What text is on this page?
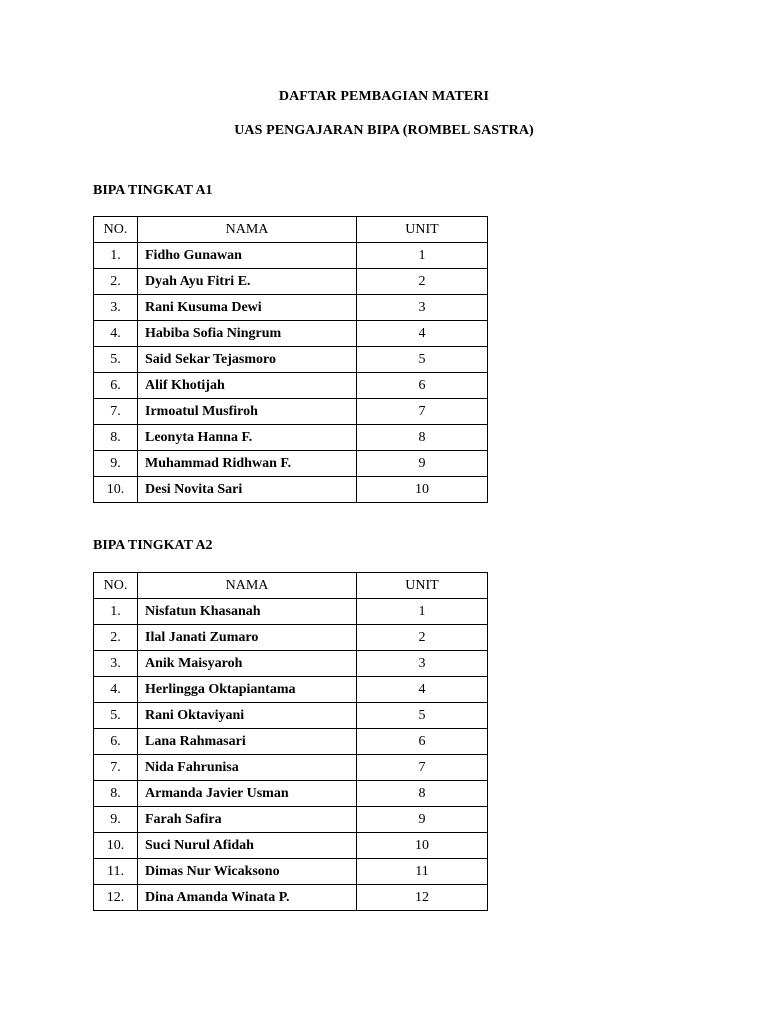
DAFTAR PEMBAGIAN MATERI
UAS PENGAJARAN BIPA (ROMBEL SASTRA)
BIPA TINGKAT A1
NO.	NAMA	UNIT
1.	Fidho Gunawan	1
2.	Dyah Ayu Fitri E.	2
3.	Rani Kusuma Dewi	3
4.	Habiba Sofia Ningrum	4
5.	Said Sekar Tejasmoro	5
6.	Alif Khotijah	6
7.	Irmoatul Musfiroh	7
8.	Leonyta Hanna F.	8
9.	Muhammad Ridhwan F.	9
10.	Desi Novita Sari	10
BIPA TINGKAT A2
NO.	NAMA	UNIT
1.	Nisfatun Khasanah	1
2.	Ilal Janati Zumaro	2
3.	Anik Maisyaroh	3
4.	Herlingga Oktapiantama	4
5.	Rani Oktaviyani	5
6.	Lana Rahmasari	6
7.	Nida Fahrunisa	7
8.	Armanda Javier Usman	8
9.	Farah Safira	9
10.	Suci Nurul Afidah	10
11.	Dimas Nur Wicaksono	11
12.	Dina Amanda Winata P.	12
